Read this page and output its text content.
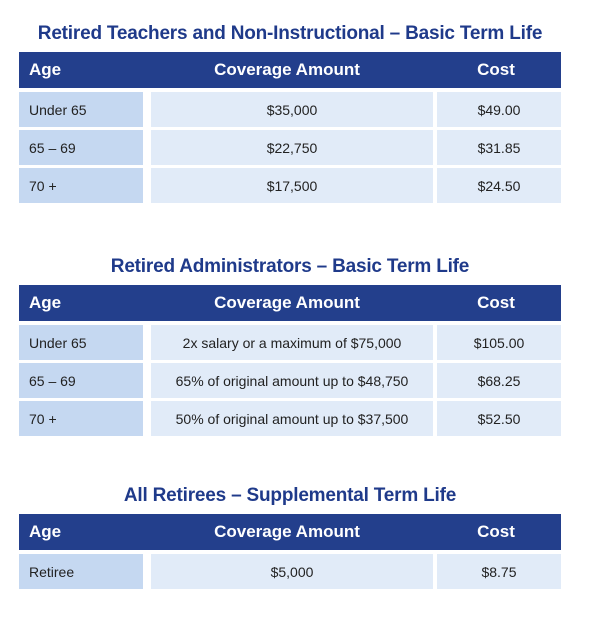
Retired Teachers and Non-Instructional – Basic Term Life
Age	Coverage Amount	Cost
Under 65	$35,000	$49.00
65 – 69	$22,750	$31.85
70 +	$17,500	$24.50
Retired Administrators – Basic Term Life
Age	Coverage Amount	Cost
Under 65	2x salary or a maximum of $75,000	$105.00
65 – 69	65% of original amount up to $48,750	$68.25
70 +	50% of original amount up to $37,500	$52.50
All Retirees – Supplemental Term Life
Age	Coverage Amount	Cost
Retiree	$5,000	$8.75
